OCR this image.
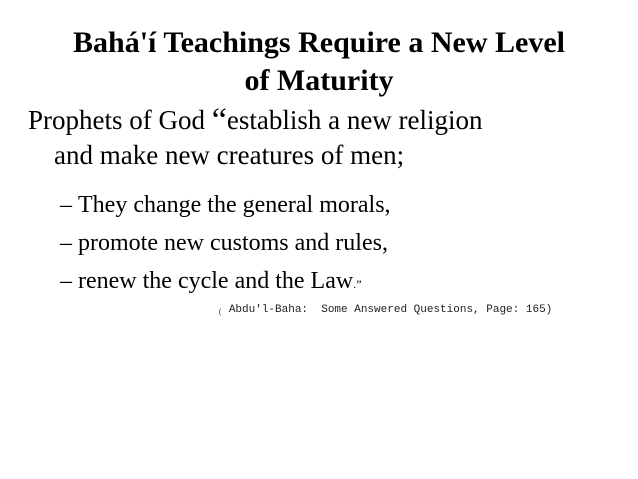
Bahá'í Teachings Require a New Level
of Maturity
Prophets of God “establish a new religion
and make new creatures of men;
– They change the general morals,
– promote new customs and rules,
– renew the cycle and the Law.”
( Abdu'l-Baha:  Some Answered Questions, Page: 165)
